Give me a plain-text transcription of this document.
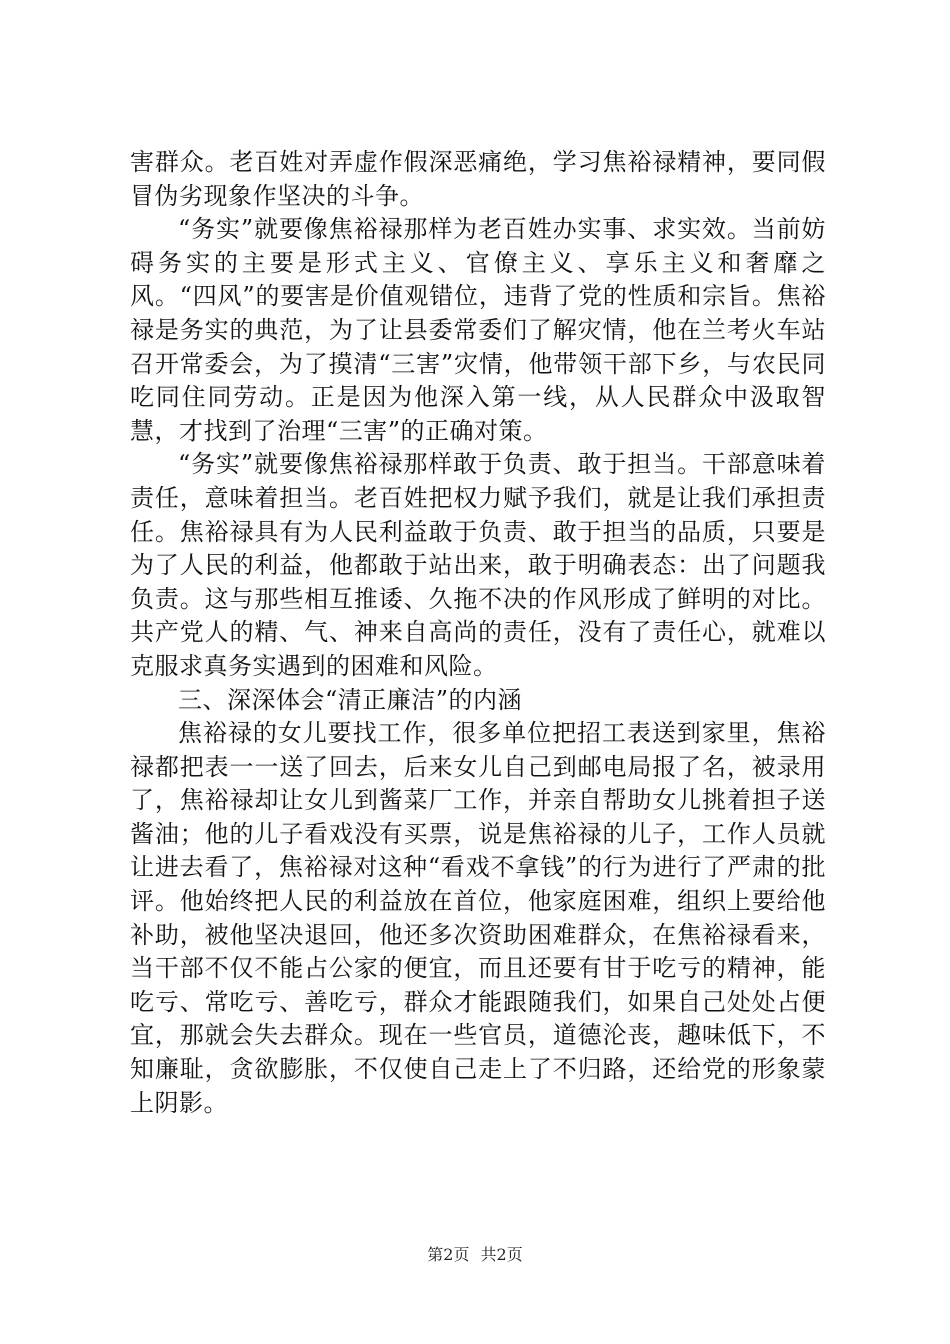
害群众。老百姓对弄虚作假深恶痛绝，学习焦裕禄精神，要同假冒伪劣现象作坚决的斗争。

“务实”就要像焦裕禄那样为老百姓办实事、求实效。当前妨碍务实的主要是形式主义、官僚主义、享乐主义和奢靡之风。“四风”的要害是价值观错位，违背了党的性质和宗旨。焦裕禄是务实的典范，为了让县委常委们了解灾情，他在兰考火车站召开常委会，为了摸清“三害”灾情，他带领干部下乡，与农民同吃同住同劳动。正是因为他深入第一线，从人民群众中汲取智慧，才找到了治理“三害”的正确对策。

“务实”就要像焦裕禄那样敢于负责、敢于担当。干部意味着责任，意味着担当。老百姓把权力赋予我们，就是让我们承担责任。焦裕禄具有为人民利益敢于负责、敢于担当的品质，只要是为了人民的利益，他都敢于站出来，敢于明确表态：出了问题我负责。这与那些相互推诿、久拖不决的作风形成了鲜明的对比。共产党人的精、气、神来自高尚的责任，没有了责任心，就难以克服求真务实遇到的困难和风险。

三、深深体会“清正廉洁”的内涵

焦裕禄的女儿要找工作，很多单位把招工表送到家里，焦裕禄都把表一一送了回去，后来女儿自己到邮电局报了名，被录用了，焦裕禄却让女儿到酱菜厂工作，并亲自帮助女儿挑着担子送酱油；他的儿子看戏没有买票，说是焦裕禄的儿子，工作人员就让进去看了，焦裕禄对这种“看戏不拿钱”的行为进行了严肃的批评。他始终把人民的利益放在首位，他家庭困难，组织上要给他补助，被他坚决退回，他还多次资助困难群众，在焦裕禄看来，当干部不仅不能占公家的便宜，而且还要有甘于吃亏的精神，能吃亏、常吃亏、善吃亏，群众才能跟随我们，如果自己处处占便宜，那就会失去群众。现在一些官员，道德沦丧，趣味低下，不知廉耻，贪欲膨胀，不仅使自己走上了不归路，还给党的形象蒙上阴影。

第2页 共2页
